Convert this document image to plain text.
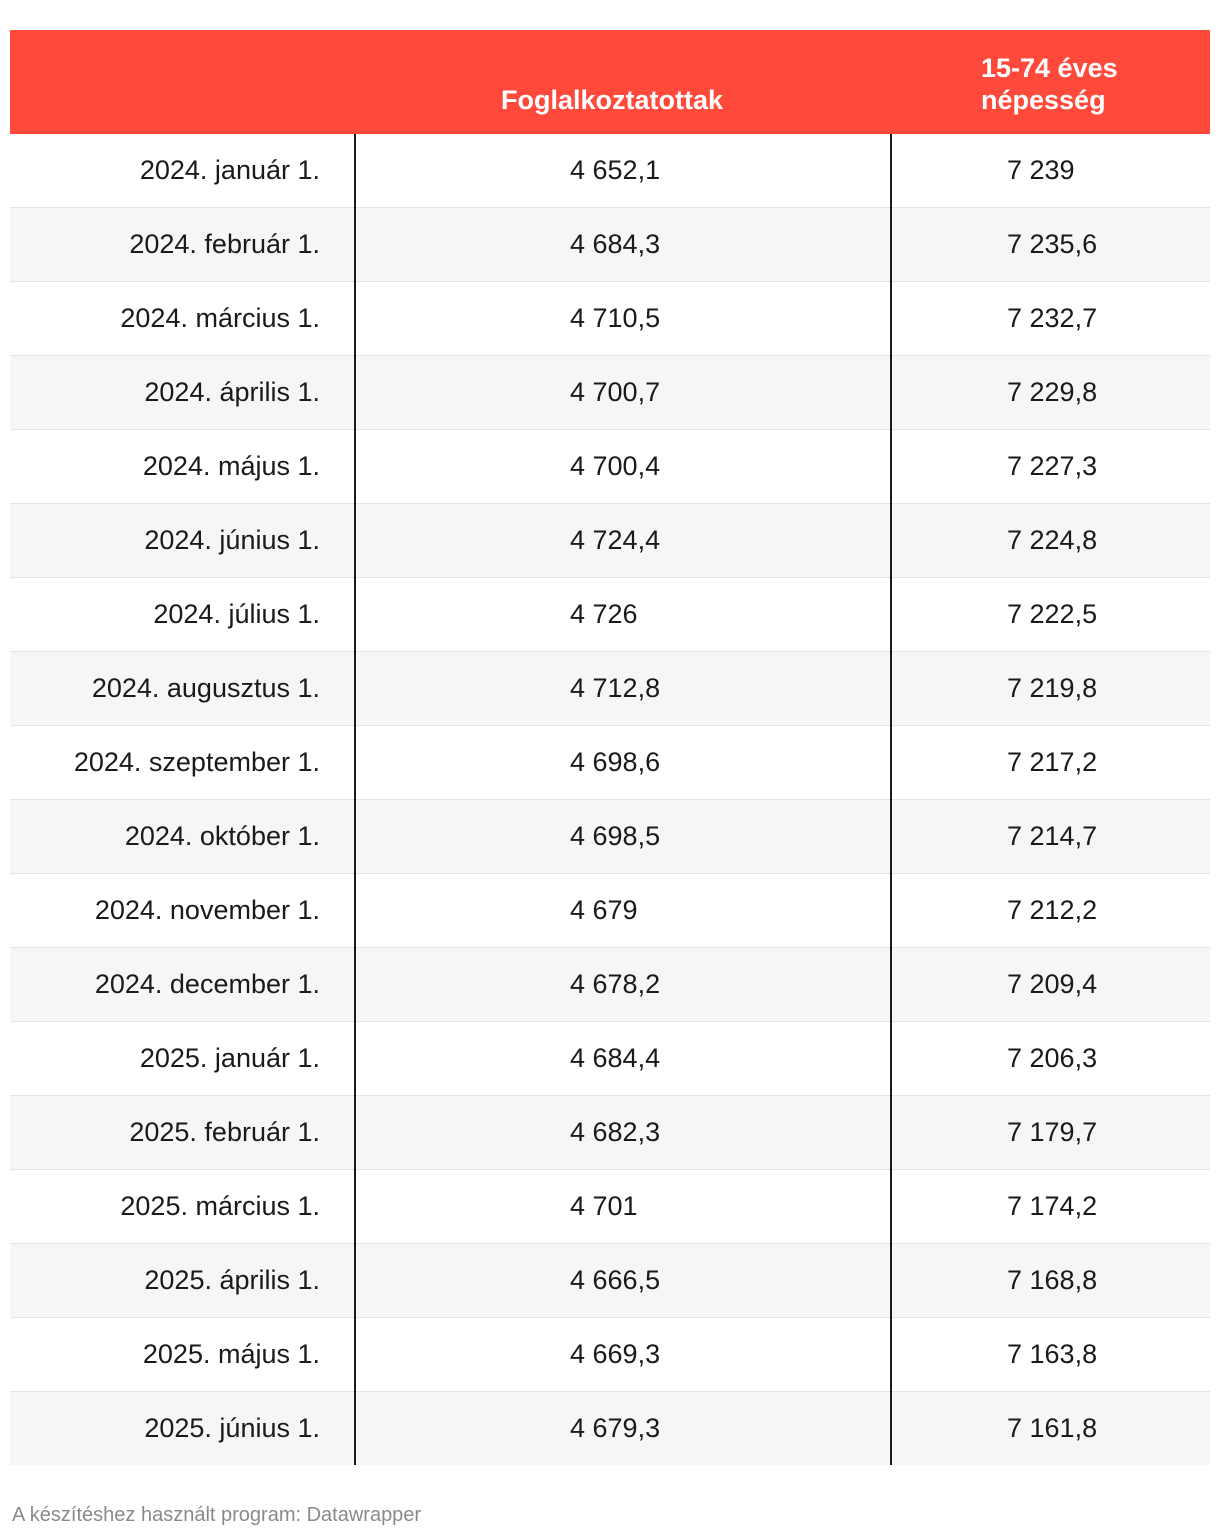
	Foglalkoztatottak	15-74 éves
népesség

2024. január 1.	4 652,1	7 239
2024. február 1.	4 684,3	7 235,6
2024. március 1.	4 710,5	7 232,7
2024. április 1.	4 700,7	7 229,8
2024. május 1.	4 700,4	7 227,3
2024. június 1.	4 724,4	7 224,8
2024. július 1.	4 726	7 222,5
2024. augusztus 1.	4 712,8	7 219,8
2024. szeptember 1.	4 698,6	7 217,2
2024. október 1.	4 698,5	7 214,7
2024. november 1.	4 679	7 212,2
2024. december 1.	4 678,2	7 209,4
2025. január 1.	4 684,4	7 206,3
2025. február 1.	4 682,3	7 179,7
2025. március 1.	4 701	7 174,2
2025. április 1.	4 666,5	7 168,8
2025. május 1.	4 669,3	7 163,8
2025. június 1.	4 679,3	7 161,8
A készítéshez használt program: Datawrapper
